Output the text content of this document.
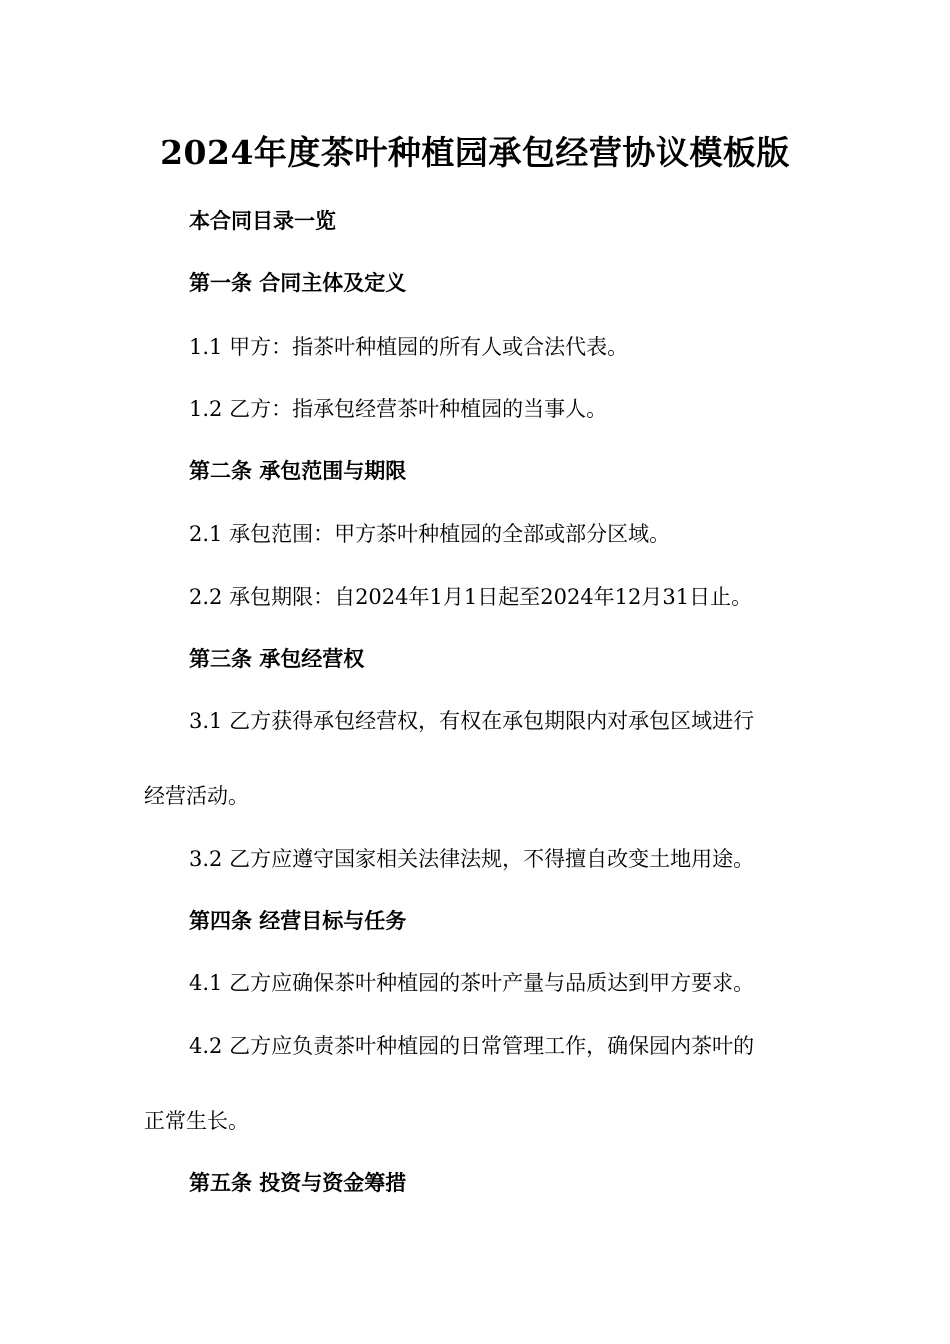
2024年度茶叶种植园承包经营协议模板版

本合同目录一览

第一条 合同主体及定义

1.1 甲方：指茶叶种植园的所有人或合法代表。

1.2 乙方：指承包经营茶叶种植园的当事人。

第二条 承包范围与期限

2.1 承包范围：甲方茶叶种植园的全部或部分区域。

2.2 承包期限：自2024年1月1日起至2024年12月31日止。

第三条 承包经营权

3.1 乙方获得承包经营权，有权在承包期限内对承包区域进行

经营活动。

3.2 乙方应遵守国家相关法律法规，不得擅自改变土地用途。

第四条 经营目标与任务

4.1 乙方应确保茶叶种植园的茶叶产量与品质达到甲方要求。

4.2 乙方应负责茶叶种植园的日常管理工作，确保园内茶叶的

正常生长。

第五条 投资与资金筹措
